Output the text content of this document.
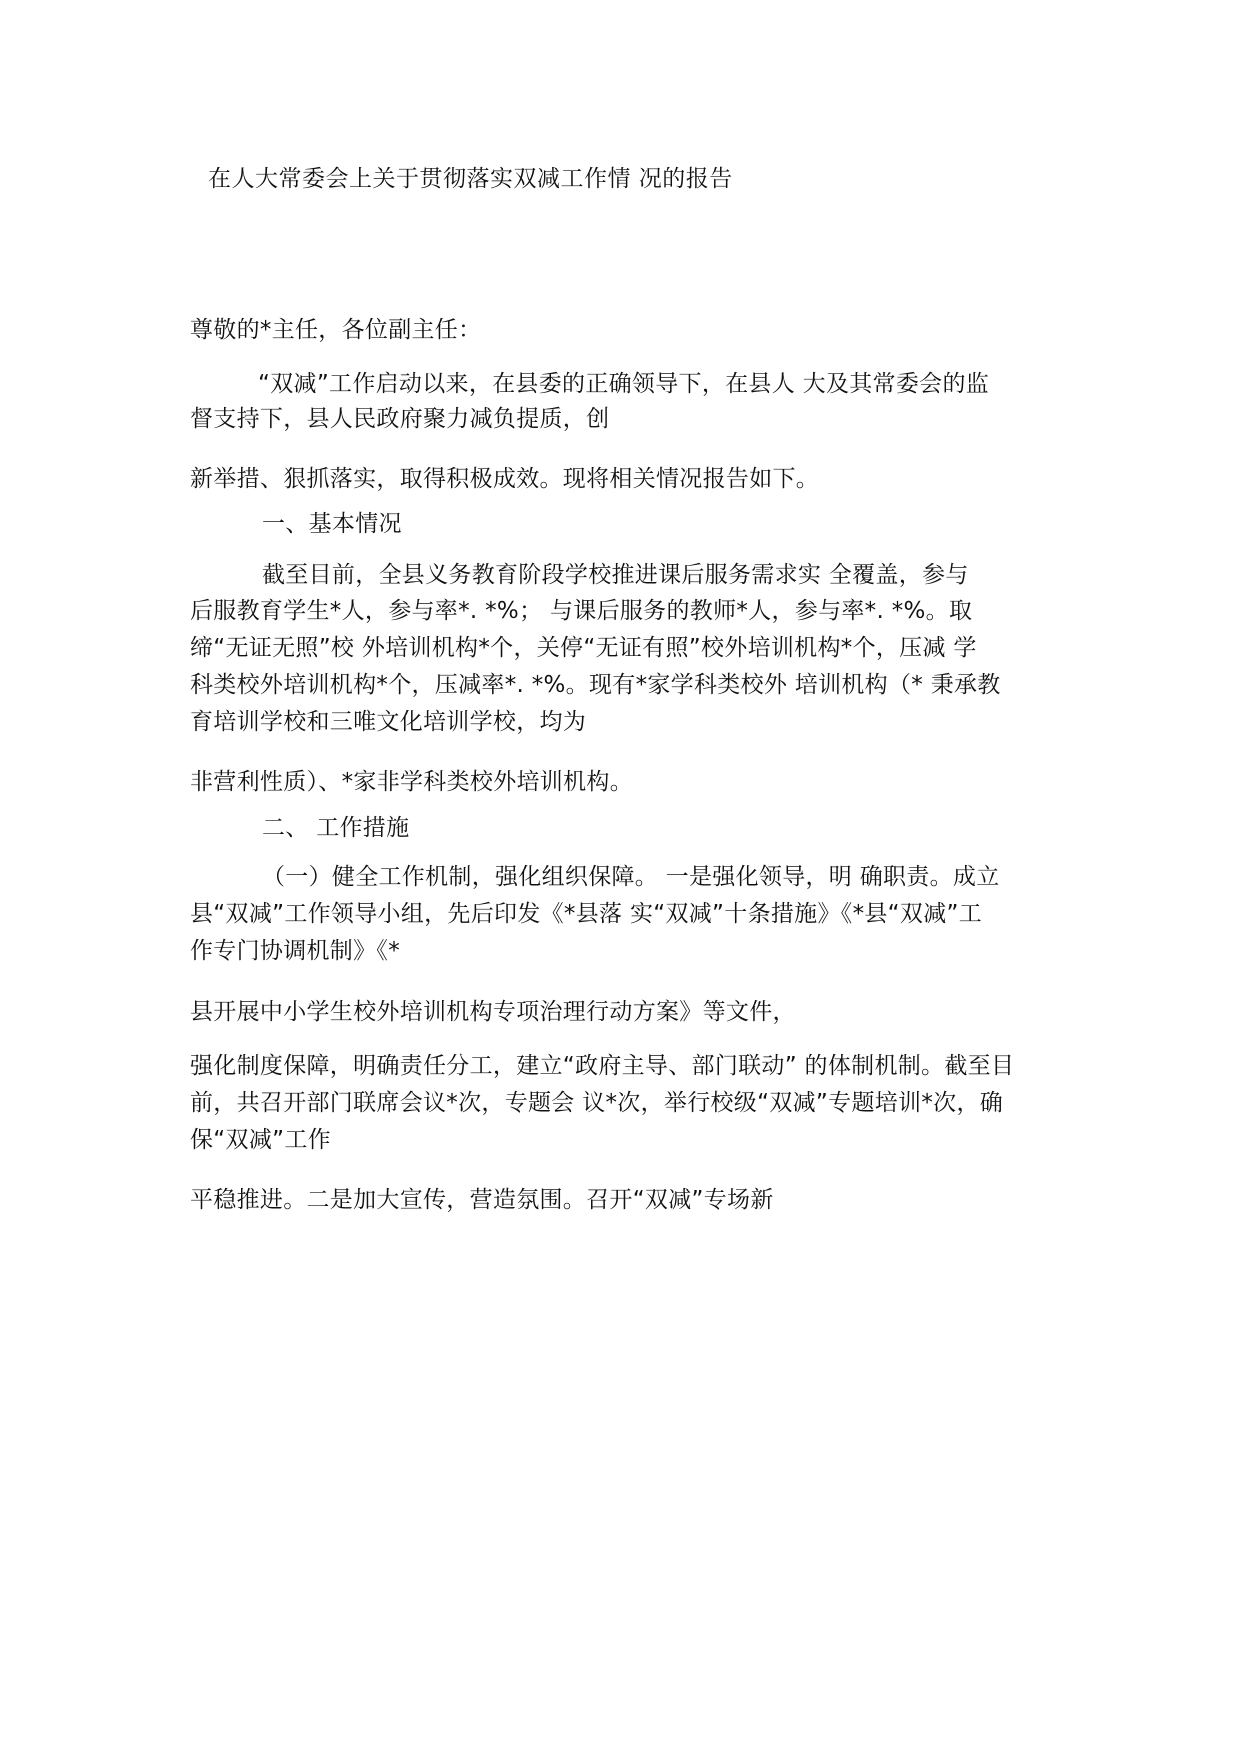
在人大常委会上关于贯彻落实双减工作情 况的报告
尊敬的*主任，各位副主任：
“双减”工作启动以来，在县委的正确领导下，在县人 大及其常委会的监
督支持下，县人民政府聚力减负提质，创
新举措、狠抓落实，取得积极成效。现将相关情况报告如下。
一、基本情况
截至目前，全县义务教育阶段学校推进课后服务需求实 全覆盖，参与
后服教育学生*人，参与率*. *%； 与课后服务的教师*人，参与率*. *%。取
缔“无证无照”校 外培训机构*个，关停“无证有照”校外培训机构*个，压减 学
科类校外培训机构*个，压减率*. *%。现有*家学科类校外 培训机构（* 秉承教
育培训学校和三唯文化培训学校，均为
非营利性质）、*家非学科类校外培训机构。
二、 工作措施
（一）健全工作机制，强化组织保障。 一是强化领导，明 确职责。成立
县“双减”工作领导小组，先后印发《*县落 实“双减”十条措施》《*县“双减”工
作专门协调机制》《*
县开展中小学生校外培训机构专项治理行动方案》等文件，
强化制度保障，明确责任分工，建立“政府主导、部门联动” 的体制机制。截至目
前，共召开部门联席会议*次，专题会 议*次，举行校级“双减”专题培训*次，确
保“双减”工作
平稳推进。二是加大宣传，营造氛围。召开“双减”专场新
